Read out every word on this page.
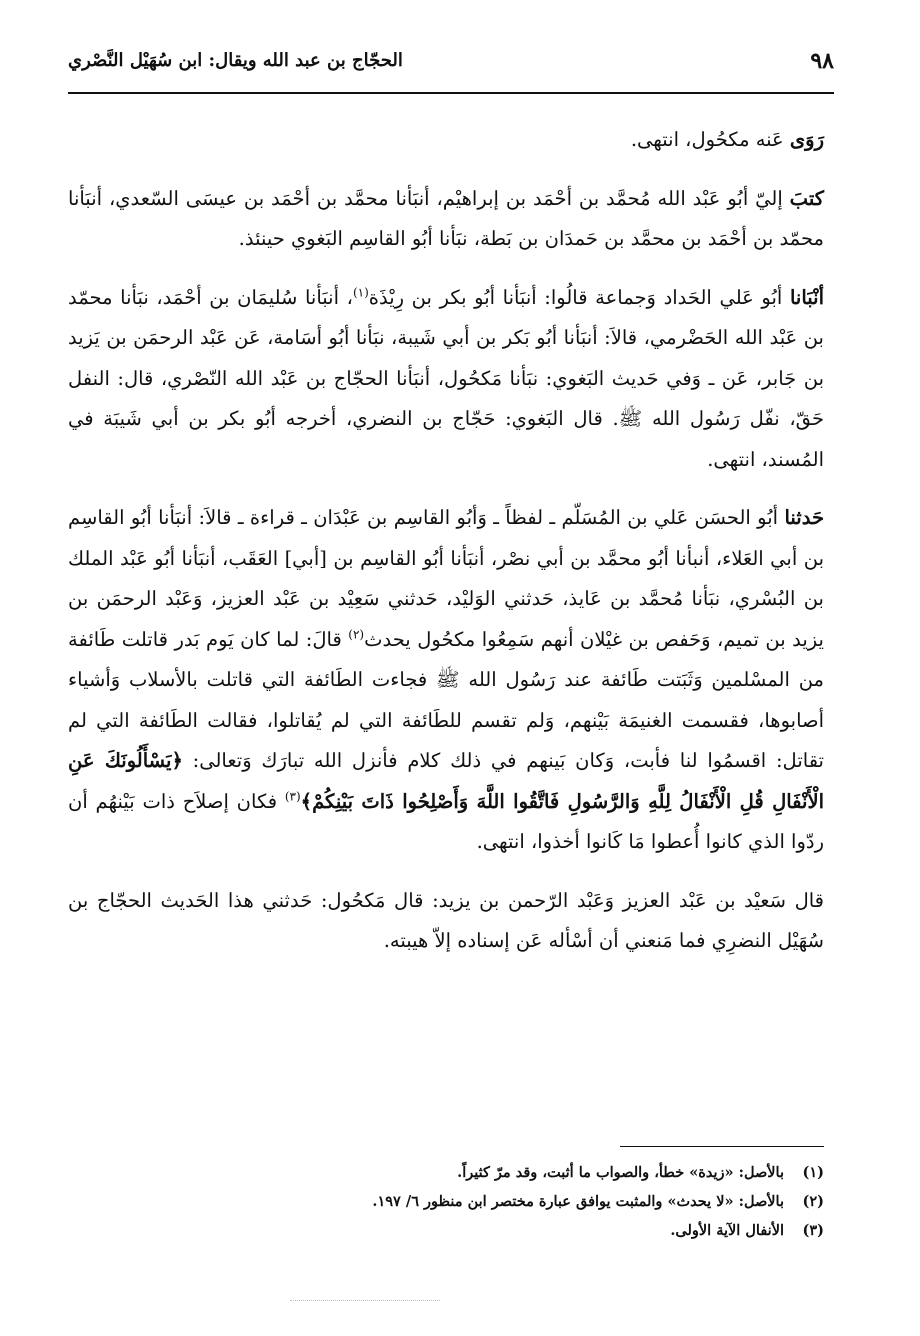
٩٨
الحجّاج بن عبد الله ويقال: ابن سُهَيْل النَّصْري

رَوَى عَنه مكحُول، انتهى.

كتبَ إليّ أبُو عَبْد الله مُحمَّد بن أحْمَد بن إبراهيْم، أنبَأنا محمَّد بن أحْمَد بن عيسَى السّعدي، أنبَأنا محمّد بن أحْمَد بن محمَّد بن حَمدَان بن بَطة، نبَأنا أبُو القاسِم البَغوي حينئذ.

أنْبَانا أبُو عَلي الحَداد وَجماعة قالُوا: أنبَأنا أبُو بكر بن رِيْذَة$^{(١)}$، أنبَأنا سُليمَان بن أحْمَد، نبَأنا محمّد بن عَبْد الله الحَضْرمي، قالاَ: أنبَأنا أبُو بَكر بن أبي شَيبة، نبَأنا أبُو أسَامة، عَن عَبْد الرحمَن بن يَزيد بن جَابر، عَن ـ وَفي حَديث البَغوي: نبَأنا مَكحُول، أنبَأنا الحجّاج بن عَبْد الله النّصْري، قال: النفل حَقّ، نفّل رَسُول الله ﷺ. قال البَغوي: حَجّاج بن النضري، أخرجه أبُو بكر بن أبي شَيبَة في المُسند، انتهى.

حَدثنا أبُو الحسَن عَلي بن المُسَلّم ـ لفظاً ـ وَأبُو القاسِم بن عَبْدَان ـ قراءة ـ قالاَ: أنبَأنا أبُو القاسِم بن أبي العَلاء، أنبأنا أبُو محمَّد بن أبي نصْر، أنبَأنا أبُو القاسِم بن [أبي] العَقَب، أنبَأنا أبُو عَبْد الملك بن البُسْري، نبَأنا مُحمَّد بن عَايذ، حَدثني الوَليْد، حَدثني سَعِيْد بن عَبْد العزيز، وَعَبْد الرحمَن بن يزيد بن تميم، وَحَفص بن غيْلان أنهم سَمِعُوا مكحُول يحدث$^{(٢)}$ قالَ: لما كان يَوم بَدر قاتلت طَائفة من المسْلمين وَثَبَتت طَائفة عند رَسُول الله ﷺ فجاءت الطَائفة التي قاتلت بالأسلاب وَأشياء أصابوها، فقسمت الغنيمَة بَيْنهم، وَلم تقسم للطَائفة التي لم يُقاتلوا، فقالت الطَائفة التي لم تقاتل: اقسمُوا لنا فأبت، وَكان بَينهم في ذلك كلام فأنزل الله تبارَك وَتعالى: ﴿يَسْأَلُونَكَ عَنِ الْأَنْفَالِ قُلِ الْأَنْفَالُ لِلَّهِ وَالرَّسُولِ فَاتَّقُوا اللَّهَ وَأَصْلِحُوا ذَاتَ بَيْنِكُمْ﴾$^{(٣)}$ فكان إصلاَح ذات بَيْنهُم أن ردّوا الذي كانوا أُعطوا مَا كَانوا أخذوا، انتهى.

قال سَعيْد بن عَبْد العزيز وَعَبْد الرّحمن بن يزيد: قال مَكحُول: حَدثني هذا الحَديث الحجّاج بن سُهَيْل النضرِي فما مَنعني أن أسْأله عَن إسناده إلاّ هيبته.

(١)بالأصل: «زيدة» خطأ، والصواب ما أثبت، وقد مرّ كثيراً.
(٢)بالأصل: «لا يحدث» والمثبت يوافق عبارة مختصر ابن منظور ٦/ ١٩٧.
(٣)الأنفال الآية الأولى.
